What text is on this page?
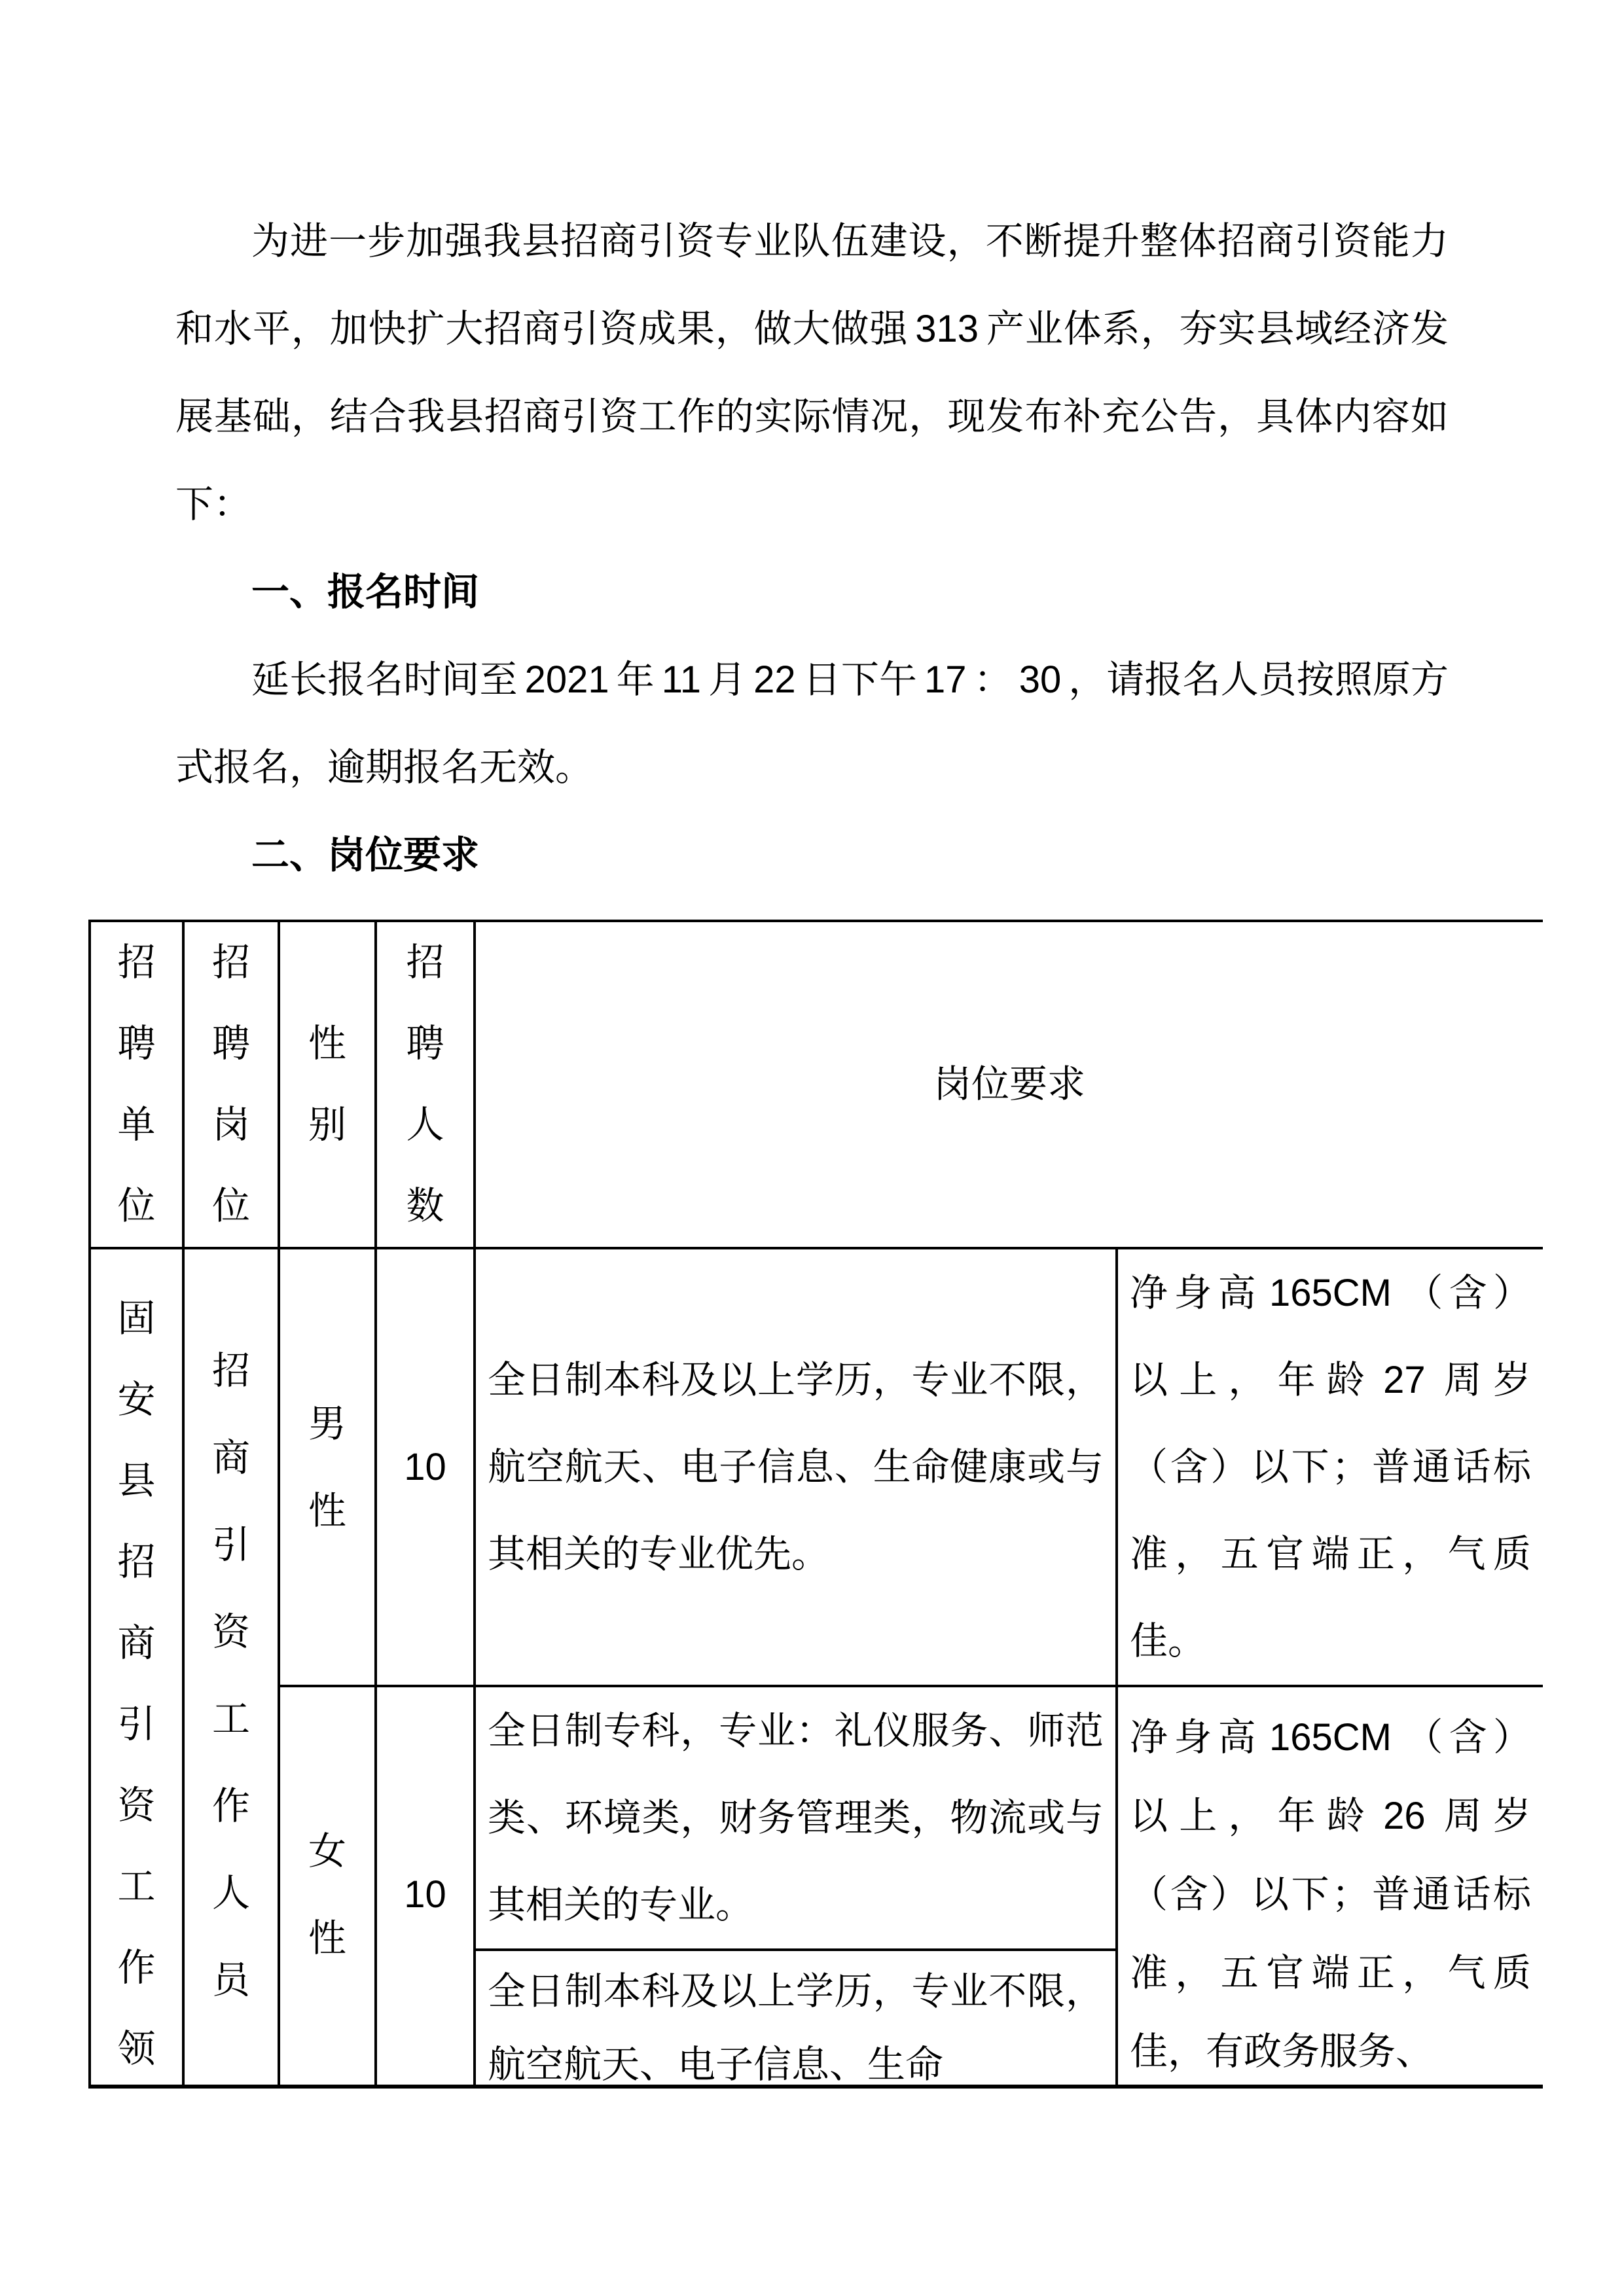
为进一步加强我县招商引资专业队伍建设，不断提升整体招商引资能力和水平，加快扩大招商引资成果，做大做强 313 产业体系，夯实县域经济发展基础，结合我县招商引资工作的实际情况，现发布补充公告，具体内容如下：

一、报名时间

延长报名时间至 2021 年 11 月 22 日下午 17 ： 30 ，请报名人员按照原方式报名，逾期报名无效。

二、岗位要求
招聘单位	招聘岗位	性别	招聘人数	岗位要求	

固安县招商引资工作领	招商引资工作人员	男性	10	全日制本科及以上学历，专业不限，航空航天、电子信息、生命健康或与其相关的专业优先。	净身高 165CM （含）以上，年龄 27 周岁（含）以下；普通话标准，五官端正，气质佳。

		女性	10	全日制专科，专业：礼仪服务、师范类、环境类，财务管理类，物流或与其相关的专业。	净身高 165CM （含）以上，年龄 26 周岁（含）以下；普通话标准，五官端正，气质佳，有政务服务、

				全日制本科及以上学历，专业不限，航空航天、电子信息、生命	
